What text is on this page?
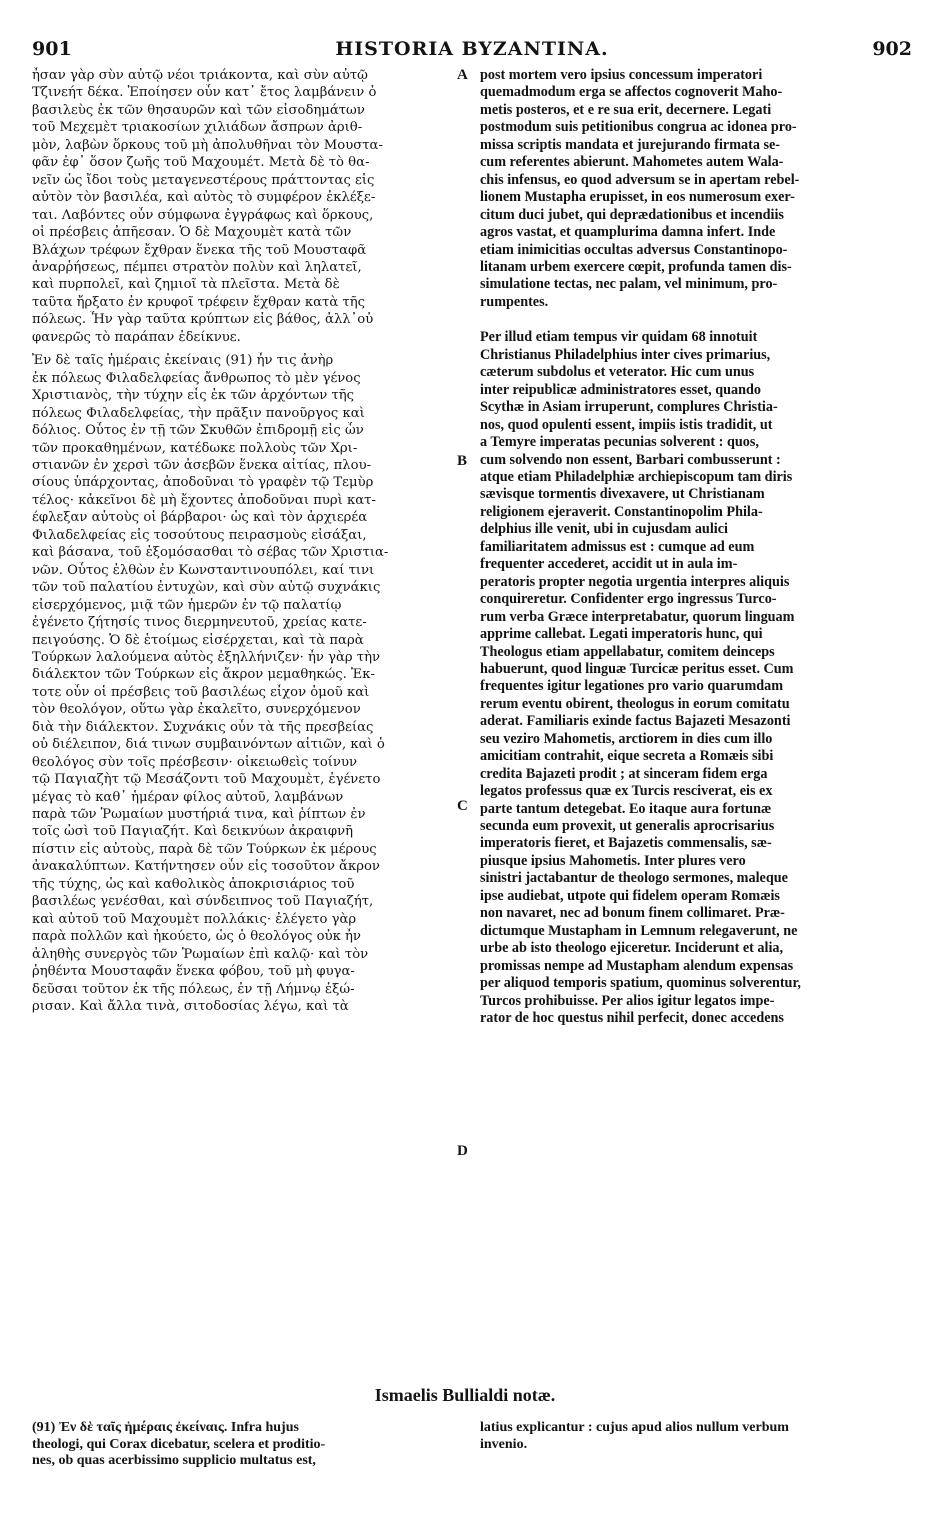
901	HISTORIA BYZANTINA.	902
ἦσαν γὰρ σὺν αὐτῷ νέοι τριάκοντα, καὶ σὺν αὐτῷ
Τζινεήτ δέκα. Ἐποίησεν οὖν κατ᾽ ἔτος λαμβάνειν ὁ
βασιλεὺς ἐκ τῶν θησαυρῶν καὶ τῶν εἰσοδημάτων
τοῦ Μεχεμὲτ τριακοσίων χιλιάδων ἄσπρων ἀριθ-
μὸν, λαβὼν ὅρκους τοῦ μὴ ἀπολυθῆναι τὸν Μουστα-
φᾶν ἐφ᾽ ὅσον ζωῆς τοῦ Μαχουμέτ. Μετὰ δὲ τὸ θα-
νεῖν ὡς ἴδοι τοὺς μεταγενεστέρους πράττοντας εἰς
αὐτὸν τὸν βασιλέα, καὶ αὐτὸς τὸ συμφέρον ἐκλέξε-
ται. Λαβόντες οὖν σύμφωνα ἐγγράφως καὶ ὅρκους,
οἱ πρέσβεις ἀπῆεσαν. Ὁ δὲ Μαχουμὲτ κατὰ τῶν
Βλάχων τρέφων ἔχθραν ἕνεκα τῆς τοῦ Μουσταφᾶ
ἀναρῥήσεως, πέμπει στρατὸν πολὺν καὶ ληλατεῖ,
καὶ πυρπολεῖ, καὶ ζημιοῖ τὰ πλεῖστα. Μετὰ δὲ
ταῦτα ἤρξατο ἐν κρυφοῖ τρέφειν ἔχθραν κατὰ τῆς
πόλεως. Ἦν γὰρ ταῦτα κρύπτων εἰς βάθος, ἀλλ᾽οὐ
φανερῶς τὸ παράπαν ἐδείκνυε.
Ἐν δὲ ταῖς ἡμέραις ἐκείναις (91) ἦν τις ἀνὴρ
ἐκ πόλεως Φιλαδελφείας ἄνθρωπος τὸ μὲν γένος
Χριστιανὸς, τὴν τύχην εἷς ἐκ τῶν ἀρχόντων τῆς
πόλεως Φιλαδελφείας, τὴν πρᾶξιν πανοῦργος καὶ
δόλιος. Οὗτος ἐν τῇ τῶν Σκυθῶν ἐπιδρομῇ εἰς ὧν
τῶν προκαθημένων, κατέδωκε πολλοὺς τῶν Χρι-
στιανῶν ἐν χερσὶ τῶν ἀσεβῶν ἕνεκα αἰτίας, πλου-
σίους ὑπάρχοντας, ἀποδοῦναι τὸ γραφὲν τῷ Τεμὺρ
τέλος· κἀκεῖνοι δὲ μὴ ἔχοντες ἀποδοῦναι πυρὶ κατ-
έφλεξαν αὐτοὺς οἱ βάρβαροι· ὡς καὶ τὸν ἀρχιερέα
Φιλαδελφείας εἰς τοσούτους πειρασμοὺς εἰσάξαι,
καὶ βάσανα, τοῦ ἐξομόσασθαι τὸ σέβας τῶν Χριστια-
νῶν. Οὗτος ἐλθὼν ἐν Κωνσταντινουπόλει, καί τινι
τῶν τοῦ παλατίου ἐντυχὼν, καὶ σὺν αὐτῷ συχνάκις
εἰσερχόμενος, μιᾷ τῶν ἡμερῶν ἐν τῷ παλατίῳ
ἐγένετο ζήτησίς τινος διερμηνευτοῦ, χρείας κατε-
πειγούσης. Ὁ δὲ ἑτοίμως εἰσέρχεται, καὶ τὰ παρὰ
Τούρκων λαλούμενα αὐτὸς ἐξηλλήνιζεν· ἦν γὰρ τὴν
διάλεκτον τῶν Τούρκων εἰς ἄκρον μεμαθηκώς. Ἐκ-
τοτε οὖν οἱ πρέσβεις τοῦ βασιλέως εἶχον ὁμοῦ καὶ
τὸν θεολόγον, οὕτω γὰρ ἐκαλεῖτο, συνερχόμενον
διὰ τὴν διάλεκτον. Συχνάκις οὖν τὰ τῆς πρεσβείας
οὐ διέλειπον, διά τινων συμβαινόντων αἰτιῶν, καὶ ὁ
θεολόγος σὺν τοῖς πρέσβεσιν· οἰκειωθεὶς τοίνυν
τῷ Παγιαζὴτ τῷ Μεσάζοντι τοῦ Μαχουμὲτ, ἐγένετο
μέγας τὸ καθ᾽ ἡμέραν φίλος αὐτοῦ, λαμβάνων
παρὰ τῶν Ῥωμαίων μυστήριά τινα, καὶ ῥίπτων ἐν
τοῖς ὠσὶ τοῦ Παγιαζήτ. Καὶ δεικνύων ἀκραιφνῆ
πίστιν εἰς αὐτοὺς, παρὰ δὲ τῶν Τούρκων ἐκ μέρους
ἀνακαλύπτων. Κατήντησεν οὖν εἰς τοσοῦτον ἄκρον
τῆς τύχης, ὡς καὶ καθολικὸς ἀποκρισιάριος τοῦ
βασιλέως γενέσθαι, καὶ σύνδειπνος τοῦ Παγιαζήτ,
καὶ αὐτοῦ τοῦ Μαχουμὲτ πολλάκις· ἐλέγετο γὰρ
παρὰ πολλῶν καὶ ἠκούετο, ὡς ὁ θεολόγος οὐκ ἦν
ἀληθὴς συνεργὸς τῶν Ῥωμαίων ἐπὶ καλῷ· καὶ τὸν
ῥηθέντα Μουσταφᾶν ἕνεκα φόβου, τοῦ μὴ φυγα-
δεῦσαι τοῦτον ἐκ τῆς πόλεως, ἐν τῇ Λήμνῳ ἐξώ-
ρισαν. Καὶ ἄλλα τινὰ, σιτοδοσίας λέγω, καὶ τὰ
post mortem vero ipsius concessum imperatori
quemadmodum erga se affectos cognoverit Maho-
metis posteros, et e re sua erit, decernere. Legati
postmodum suis petitionibus congrua ac idonea pro-
missa scriptis mandata et jurejurando firmata se-
cum referentes abierunt. Mahometes autem Wala-
chis infensus, eo quod adversum se in apertam rebel-
lionem Mustapha erupisset, in eos numerosum exer-
citum duci jubet, qui deprædationibus et incendiis
agros vastat, et quamplurima damna infert. Inde
etiam inimicitias occultas adversus Constantinopo-
litanam urbem exercere cœpit, profunda tamen dis-
simulatione tectas, nec palam, vel minimum, pro-
rumpentes.
Per illud etiam tempus vir quidam 68 innotuit
Christianus Philadelphius inter cives primarius,
cæterum subdolus et veterator. Hic cum unus
inter reipublicæ administratores esset, quando
Scythæ in Asiam irruperunt, complures Christia-
nos, quod opulenti essent, impiis istis tradidit, ut
a Temyre imperatas pecunias solverent : quos,
cum solvendo non essent, Barbari combusserunt :
atque etiam Philadelphiæ archiepiscopum tam diris
sævisque tormentis divexavere, ut Christianam
religionem ejeraverit. Constantinopolim Phila-
delphius ille venit, ubi in cujusdam aulici
familiaritatem admissus est : cumque ad eum
frequenter accederet, accidit ut in aula im-
peratoris propter negotia urgentia interpres aliquis
conquireretur. Confidenter ergo ingressus Turco-
rum verba Græce interpretabatur, quorum linguam
apprime callebat. Legati imperatoris hunc, qui
Theologus etiam appellabatur, comitem deinceps
habuerunt, quod linguæ Turcicæ peritus esset. Cum
frequentes igitur legationes pro vario quarumdam
rerum eventu obirent, theologus in eorum comitatu
aderat. Familiaris exinde factus Bajazeti Mesazonti
seu veziro Mahometis, arctiorem in dies cum illo
amicitiam contrahit, eique secreta a Romæis sibi
credita Bajazeti prodit ; at sinceram fidem erga
legatos professus quæ ex Turcis resciverat, eis ex
parte tantum detegebat. Eo itaque aura fortunæ
secunda eum provexit, ut generalis aprocrisarius
imperatoris fieret, et Bajazetis commensalis, sæ-
piusque ipsius Mahometis. Inter plures vero
sinistri jactabantur de theologo sermones, maleque
ipse audiebat, utpote qui fidelem operam Romæis
non navaret, nec ad bonum finem collimaret. Præ-
dictumque Mustapham in Lemnum relegaverunt, ne
urbe ab isto theologo ejiceretur. Inciderunt et alia,
promissas nempe ad Mustapham alendum expensas
per aliquod temporis spatium, quominus solverentur,
Turcos prohibuisse. Per alios igitur legatos impe-
rator de hoc questus nihil perfecit, donec accedens
A
B
C
D
Ismaelis Bullialdi notæ.
(91) Ἐν δὲ ταῖς ἡμέραις ἐκείναις. Infra hujus
theologi, qui Corax dicebatur, scelera et proditio-
nes, ob quas acerbissimo supplicio multatus est,
latius explicantur : cujus apud alios nullum verbum
invenio.
